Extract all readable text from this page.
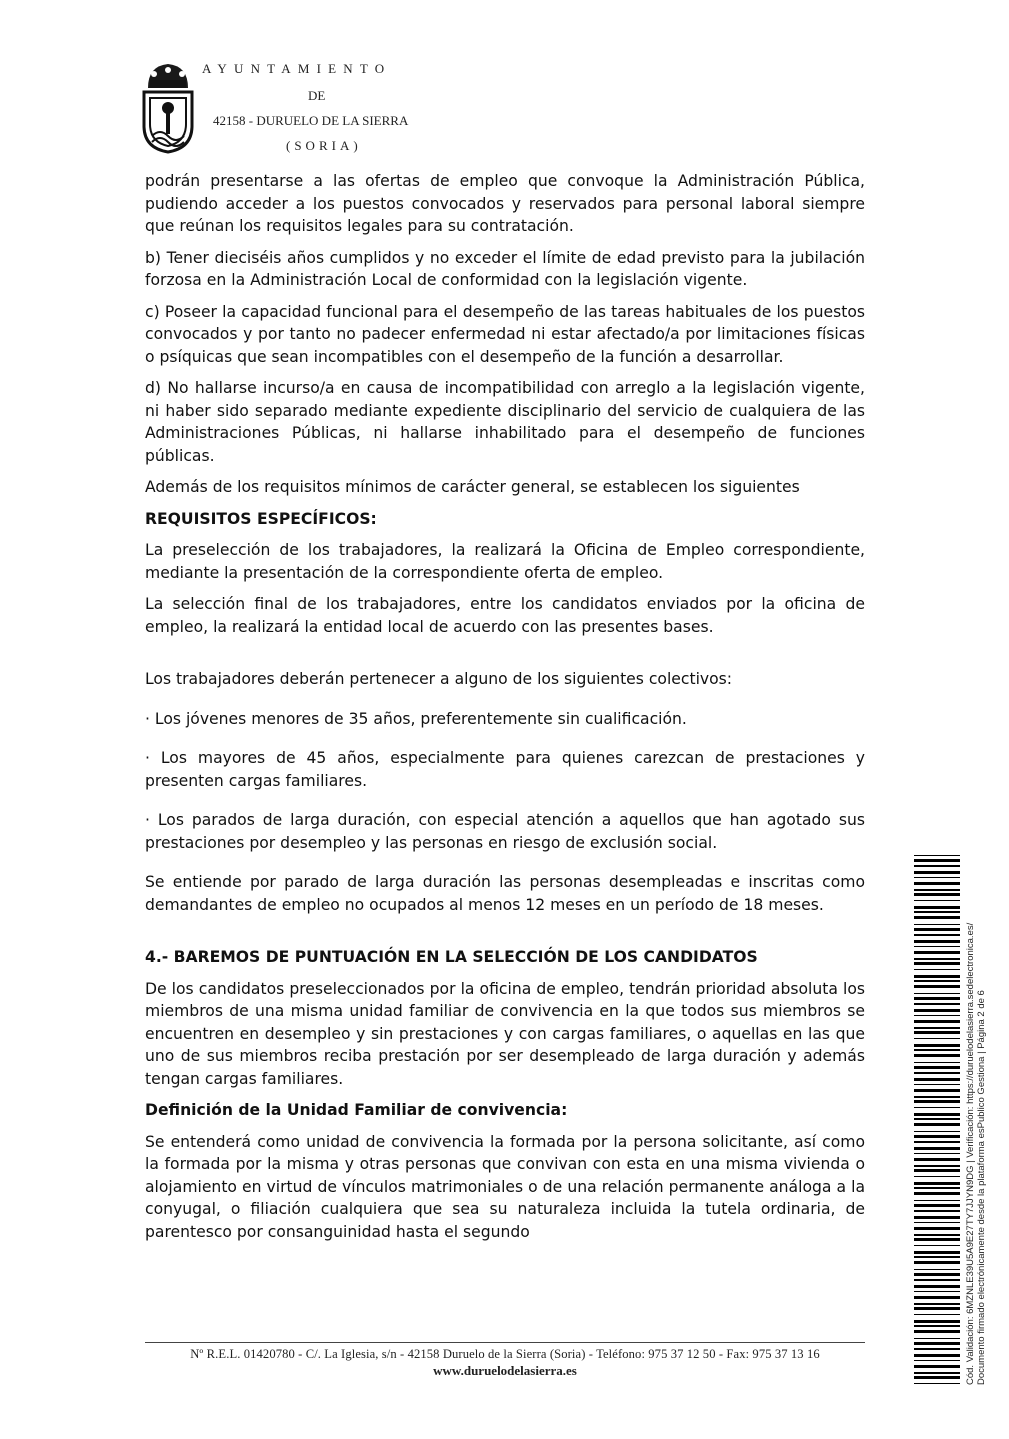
AYUNTAMIENTO
DE
42158 - DURUELO DE LA SIERRA
(SORIA)

podrán presentarse a las ofertas de empleo que convoque la Administración Pública, pudiendo acceder a los puestos convocados y reservados para personal laboral siempre que reúnan los requisitos legales para su contratación.

b) Tener dieciséis años cumplidos y no exceder el límite de edad previsto para la jubilación forzosa en la Administración Local de conformidad con la legislación vigente.

c) Poseer la capacidad funcional para el desempeño de las tareas habituales de los puestos convocados y por tanto no padecer enfermedad ni estar afectado/a por limitaciones físicas o psíquicas que sean incompatibles con el desempeño de la función a desarrollar.

d) No hallarse incurso/a en causa de incompatibilidad con arreglo a la legislación vigente, ni haber sido separado mediante expediente disciplinario del servicio de cualquiera de las Administraciones Públicas, ni hallarse inhabilitado para el desempeño de funciones públicas.

Además de los requisitos mínimos de carácter general, se establecen los siguientes

REQUISITOS ESPECÍFICOS:

La preselección de los trabajadores, la realizará la Oficina de Empleo correspondiente, mediante la presentación de la correspondiente oferta de empleo.

La selección final de los trabajadores, entre los candidatos enviados por la oficina de empleo, la realizará la entidad local de acuerdo con las presentes bases.

Los trabajadores deberán pertenecer a alguno de los siguientes colectivos:

· Los jóvenes menores de 35 años, preferentemente sin cualificación.

· Los mayores de 45 años, especialmente para quienes carezcan de prestaciones y presenten cargas familiares.

· Los parados de larga duración, con especial atención a aquellos que han agotado sus prestaciones por desempleo y las personas en riesgo de exclusión social.

Se entiende por parado de larga duración las personas desempleadas e inscritas como demandantes de empleo no ocupados al menos 12 meses en un período de 18 meses.

4.- BAREMOS DE PUNTUACIÓN EN LA SELECCIÓN DE LOS CANDIDATOS

De los candidatos preseleccionados por la oficina de empleo, tendrán prioridad absoluta los miembros de una misma unidad familiar de convivencia en la que todos sus miembros se encuentren en desempleo y sin prestaciones y con cargas familiares, o aquellas en las que uno de sus miembros reciba prestación por ser desempleado de larga duración y además tengan cargas familiares.

Definición de la Unidad Familiar de convivencia:

Se entenderá como unidad de convivencia la formada por la persona solicitante, así como la formada por la misma y otras personas que convivan con esta en una misma vivienda o alojamiento en virtud de vínculos matrimoniales o de una relación permanente análoga a la conyugal, o filiación cualquiera que sea su naturaleza incluida la tutela ordinaria, de parentesco por consanguinidad hasta el segundo

Nº R.E.L. 01420780 - C/. La Iglesia, s/n - 42158 Duruelo de la Sierra (Soria) - Teléfono: 975 37 12 50 - Fax: 975 37 13 16
www.duruelodelasierra.es	Cód. Validación: 6MZNLE39U5A9E27TY7JJYN9DG | Verificación: https://duruelodelasierra.sedelectronica.es/ Documento firmado electrónicamente desde la plataforma esPublico Gestiona | Página 2 de 6
